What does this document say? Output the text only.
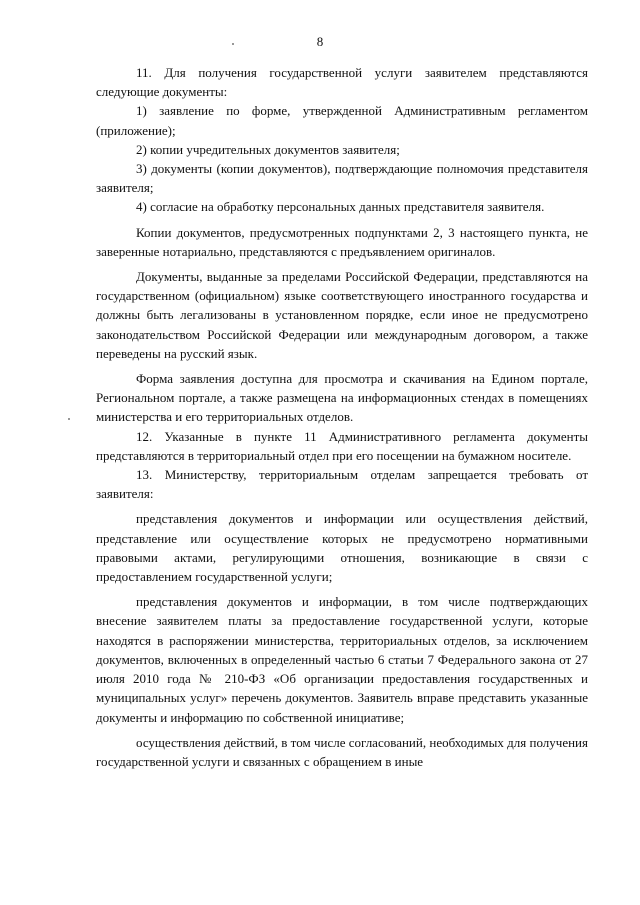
8

11. Для получения государственной услуги заявителем представляются следующие документы:

1) заявление по форме, утвержденной Административным регламентом (приложение);

2) копии учредительных документов заявителя;

3) документы (копии документов), подтверждающие полномочия представителя заявителя;

4) согласие на обработку персональных данных представителя заявителя.

Копии документов, предусмотренных подпунктами 2, 3 настоящего пункта, не заверенные нотариально, представляются с предъявлением оригиналов.

Документы, выданные за пределами Российской Федерации, представляются на государственном (официальном) языке соответствующего иностранного государства и должны быть легализованы в установленном порядке, если иное не предусмотрено законодательством Российской Федерации или международным договором, а также переведены на русский язык.

Форма заявления доступна для просмотра и скачивания на Едином портале, Региональном портале, а также размещена на информационных стендах в помещениях министерства и его территориальных отделов.

12. Указанные в пункте 11 Административного регламента документы представляются в территориальный отдел при его посещении на бумажном носителе.

13. Министерству, территориальным отделам запрещается требовать от заявителя:

представления документов и информации или осуществления действий, представление или осуществление которых не предусмотрено нормативными правовыми актами, регулирующими отношения, возникающие в связи с предоставлением государственной услуги;

представления документов и информации, в том числе подтверждающих внесение заявителем платы за предоставление государственной услуги, которые находятся в распоряжении министерства, территориальных отделов, за исключением документов, включенных в определенный частью 6 статьи 7 Федерального закона от 27 июля 2010 года № 210-ФЗ «Об организации предоставления государственных и муниципальных услуг» перечень документов. Заявитель вправе представить указанные документы и информацию по собственной инициативе;

осуществления действий, в том числе согласований, необходимых для получения государственной услуги и связанных с обращением в иные
